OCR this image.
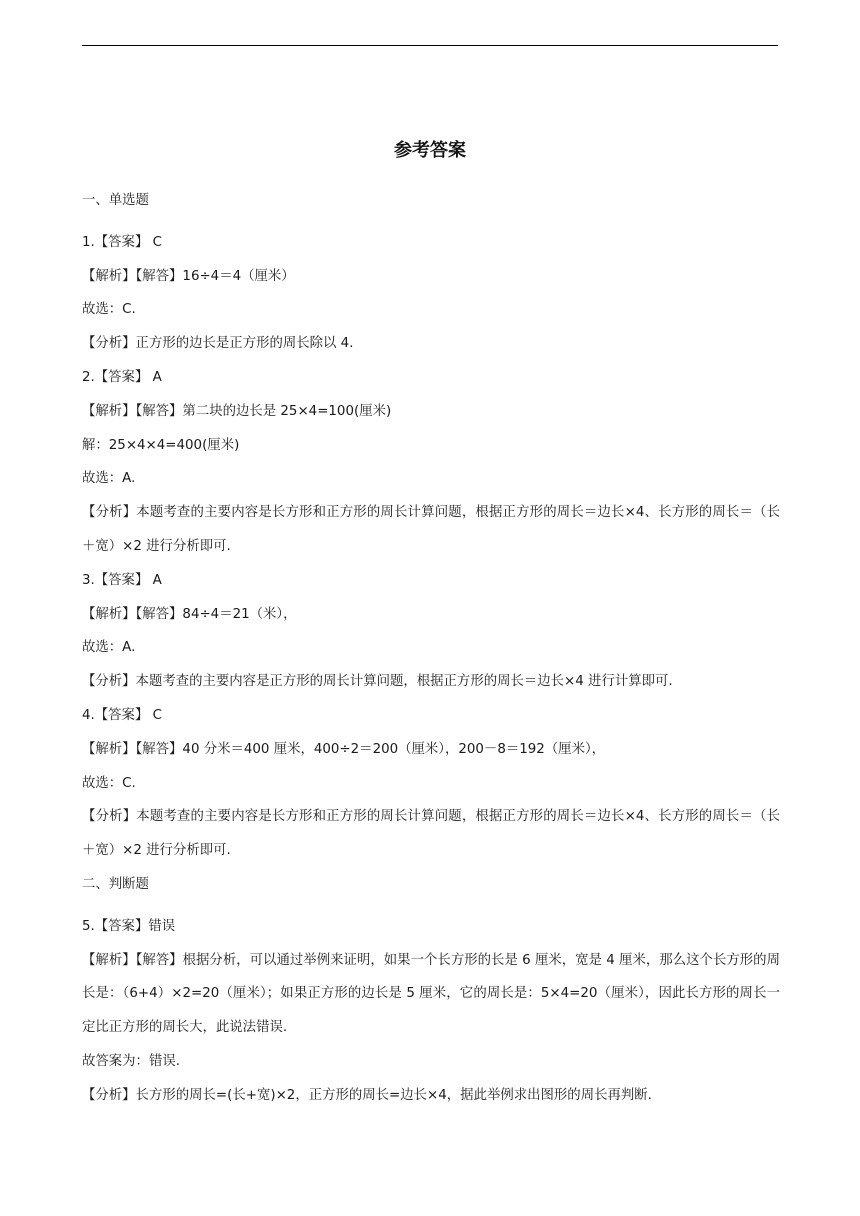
参考答案
一、单选题
1.【答案】 C
【解析】【解答】16÷4＝4（厘米）
故选：C.
【分析】正方形的边长是正方形的周长除以 4.
2.【答案】 A
【解析】【解答】第二块的边长是 25×4=100(厘米)
解：25×4×4=400(厘米)
故选：A.
【分析】本题考查的主要内容是长方形和正方形的周长计算问题，根据正方形的周长＝边长×4、长方形的周长＝（长＋宽）×2 进行分析即可.
3.【答案】 A
【解析】【解答】84÷4＝21（米），
故选：A.
【分析】本题考查的主要内容是正方形的周长计算问题，根据正方形的周长＝边长×4 进行计算即可.
4.【答案】 C
【解析】【解答】40 分米＝400 厘米，400÷2＝200（厘米），200－8＝192（厘米），
故选：C.
【分析】本题考查的主要内容是长方形和正方形的周长计算问题，根据正方形的周长＝边长×4、长方形的周长＝（长＋宽）×2 进行分析即可.
二、判断题
5.【答案】错误
【解析】【解答】根据分析，可以通过举例来证明，如果一个长方形的长是 6 厘米，宽是 4 厘米，那么这个长方形的周长是：（6+4）×2=20（厘米）；如果正方形的边长是 5 厘米，它的周长是：5×4=20（厘米），因此长方形的周长一定比正方形的周长大，此说法错误.
故答案为：错误.
【分析】长方形的周长=(长+宽)×2，正方形的周长=边长×4，据此举例求出图形的周长再判断.
